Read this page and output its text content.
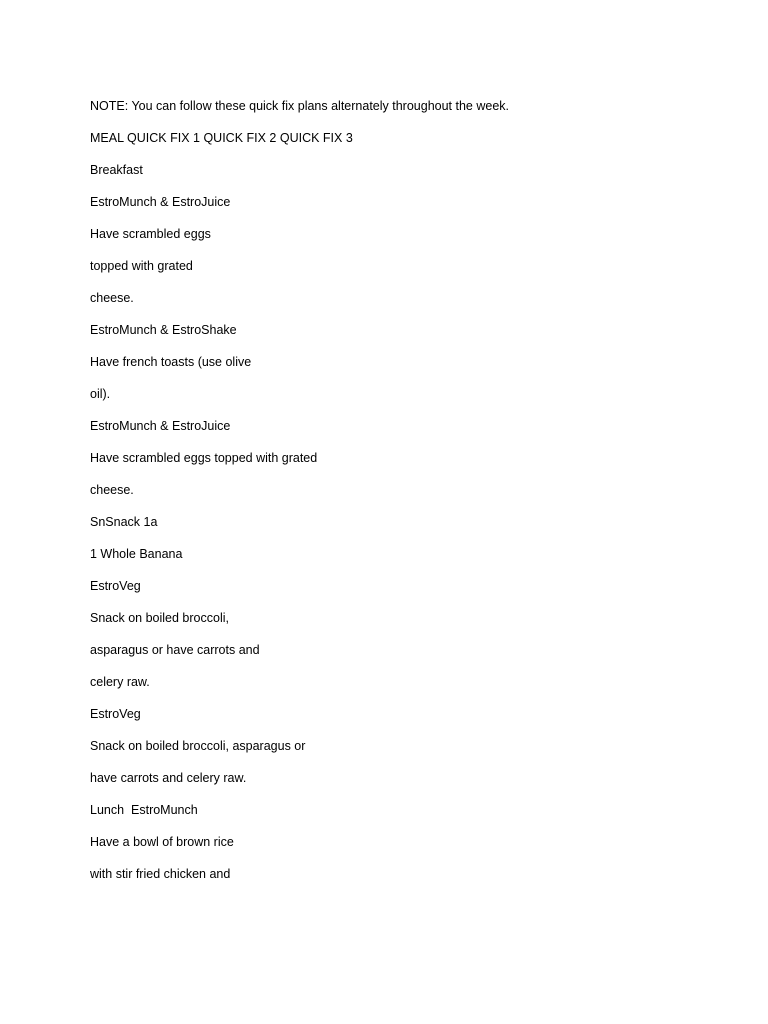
NOTE: You can follow these quick fix plans alternately throughout the week.
MEAL QUICK FIX 1 QUICK FIX 2 QUICK FIX 3
Breakfast
EstroMunch & EstroJuice
Have scrambled eggs
topped with grated
cheese.
EstroMunch & EstroShake
Have french toasts (use olive
oil).
EstroMunch & EstroJuice
Have scrambled eggs topped with grated
cheese.
SnSnack 1a
1 Whole Banana
EstroVeg
Snack on boiled broccoli,
asparagus or have carrots and
celery raw.
EstroVeg
Snack on boiled broccoli, asparagus or
have carrots and celery raw.
Lunch  EstroMunch
Have a bowl of brown rice
with stir fried chicken and
